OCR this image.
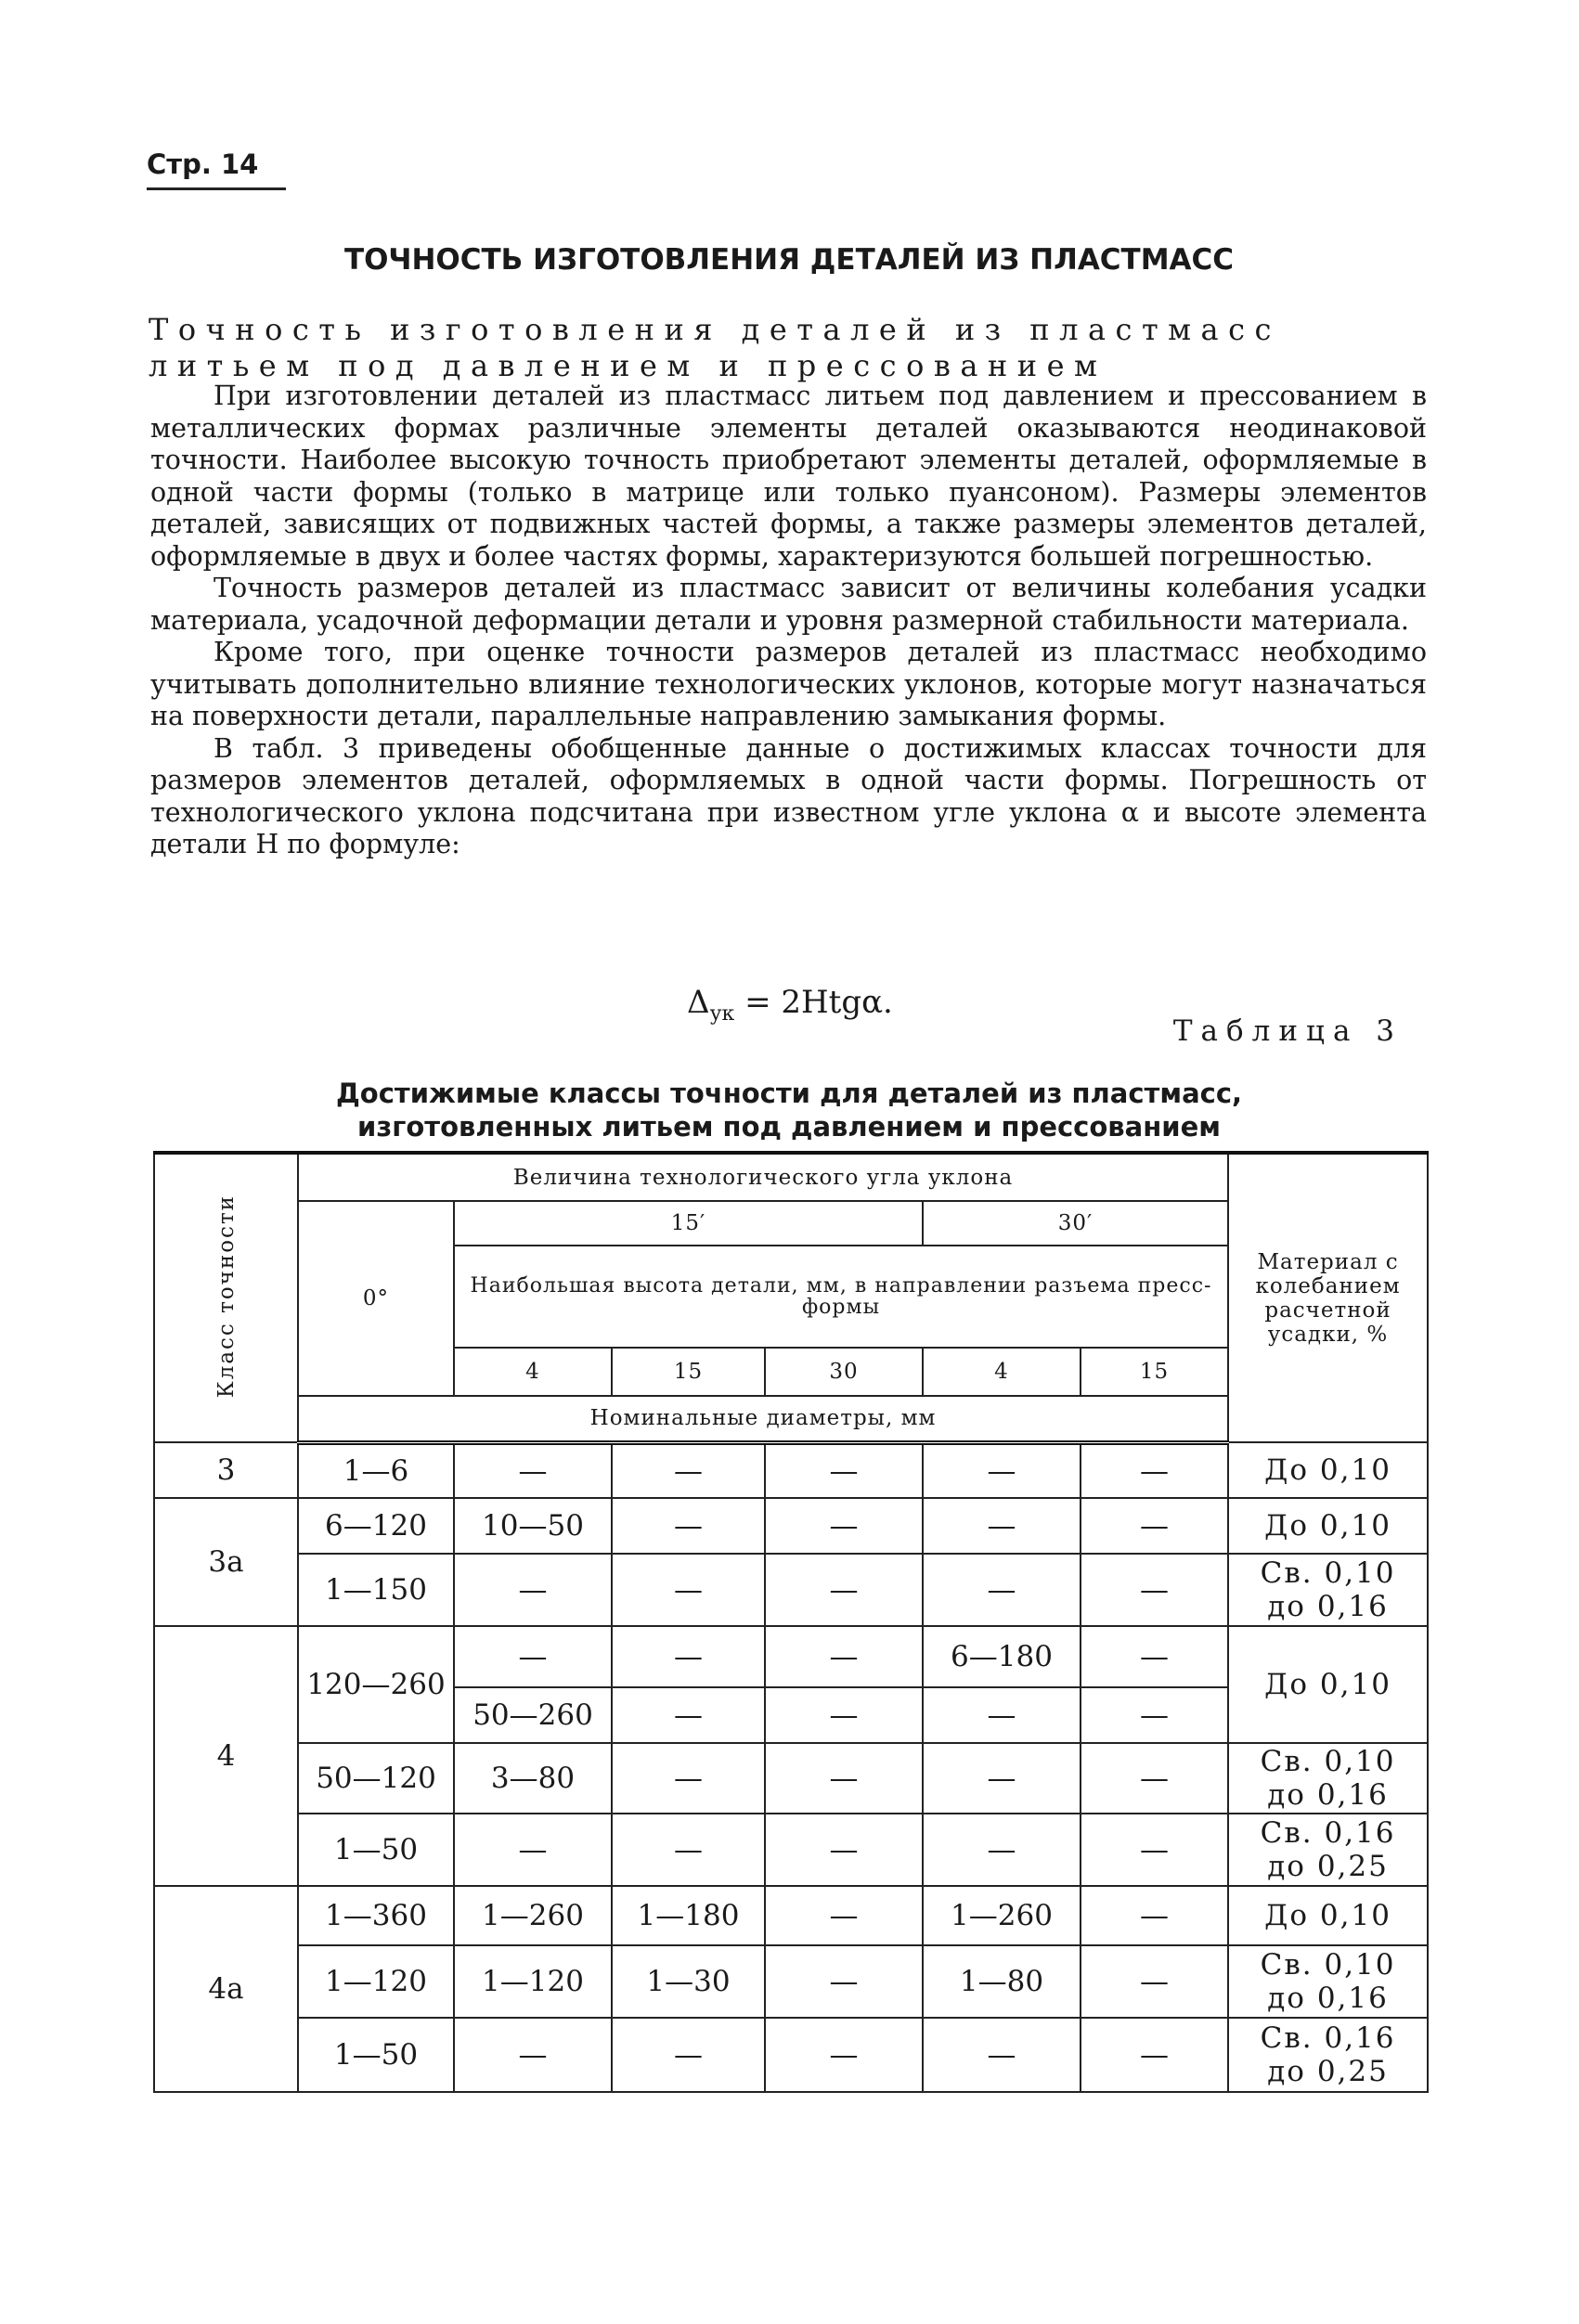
Стр. 14
ТОЧНОСТЬ ИЗГОТОВЛЕНИЯ ДЕТАЛЕЙ ИЗ ПЛАСТМАСС
Точность изготовления деталей из пластмасс литьем под давлением и прессованием

При изготовлении деталей из пластмасс литьем под давлением и прессованием в металлических формах различные элементы деталей оказываются неодинаковой точности. Наиболее высокую точность приобретают элементы деталей, оформляемые в одной части формы (только в матрице или только пуансоном). Размеры элементов деталей, зависящих от подвижных частей формы, а также размеры элементов деталей, оформляемые в двух и более частях формы, характеризуются большей погрешностью.

Точность размеров деталей из пластмасс зависит от величины колебания усадки материала, усадочной деформации детали и уровня размерной стабильности материала.

Кроме того, при оценке точности размеров деталей из пластмасс необходимо учитывать дополнительно влияние технологических уклонов, которые могут назначаться на поверхности детали, параллельные направлению замыкания формы.

В табл. 3 приведены обобщенные данные о достижимых классах точности для размеров элементов деталей, оформляемых в одной части формы. Погрешность от технологического уклона подсчитана при известном угле уклона α и высоте элемента детали H по формуле:

$\Delta_{ук} = 2Htg\alpha$.
Таблица 3
Достижимые классы точности для деталей из пластмасс,
изготовленных литьем под давлением и прессованием
Класс точности	Величина технологического угла уклона						Материал с колебанием расчетной усадки, %
	0°	15′			30′		
		Наибольшая высота детали, мм, в направлении разъема пресс-формы					
		4	15	30	4	15	
	Номинальные диаметры, мм						
3	1—6	—	—	—	—	—	До 0,10
3а	6—120	10—50	—	—	—	—	До 0,10
	1—150	—	—	—	—	—	Св. 0,10
до 0,16
4	120—260	—	—	—	6—180	—	До 0,10
		50—260	—	—	—	—	
	50—120	3—80	—	—	—	—	Св. 0,10
до 0,16
	1—50	—	—	—	—	—	Св. 0,16
до 0,25
4а	1—360	1—260	1—180	—	1—260	—	До 0,10
	1—120	1—120	1—30	—	1—80	—	Св. 0,10
до 0,16
	1—50	—	—	—	—	—	Св. 0,16
до 0,25
